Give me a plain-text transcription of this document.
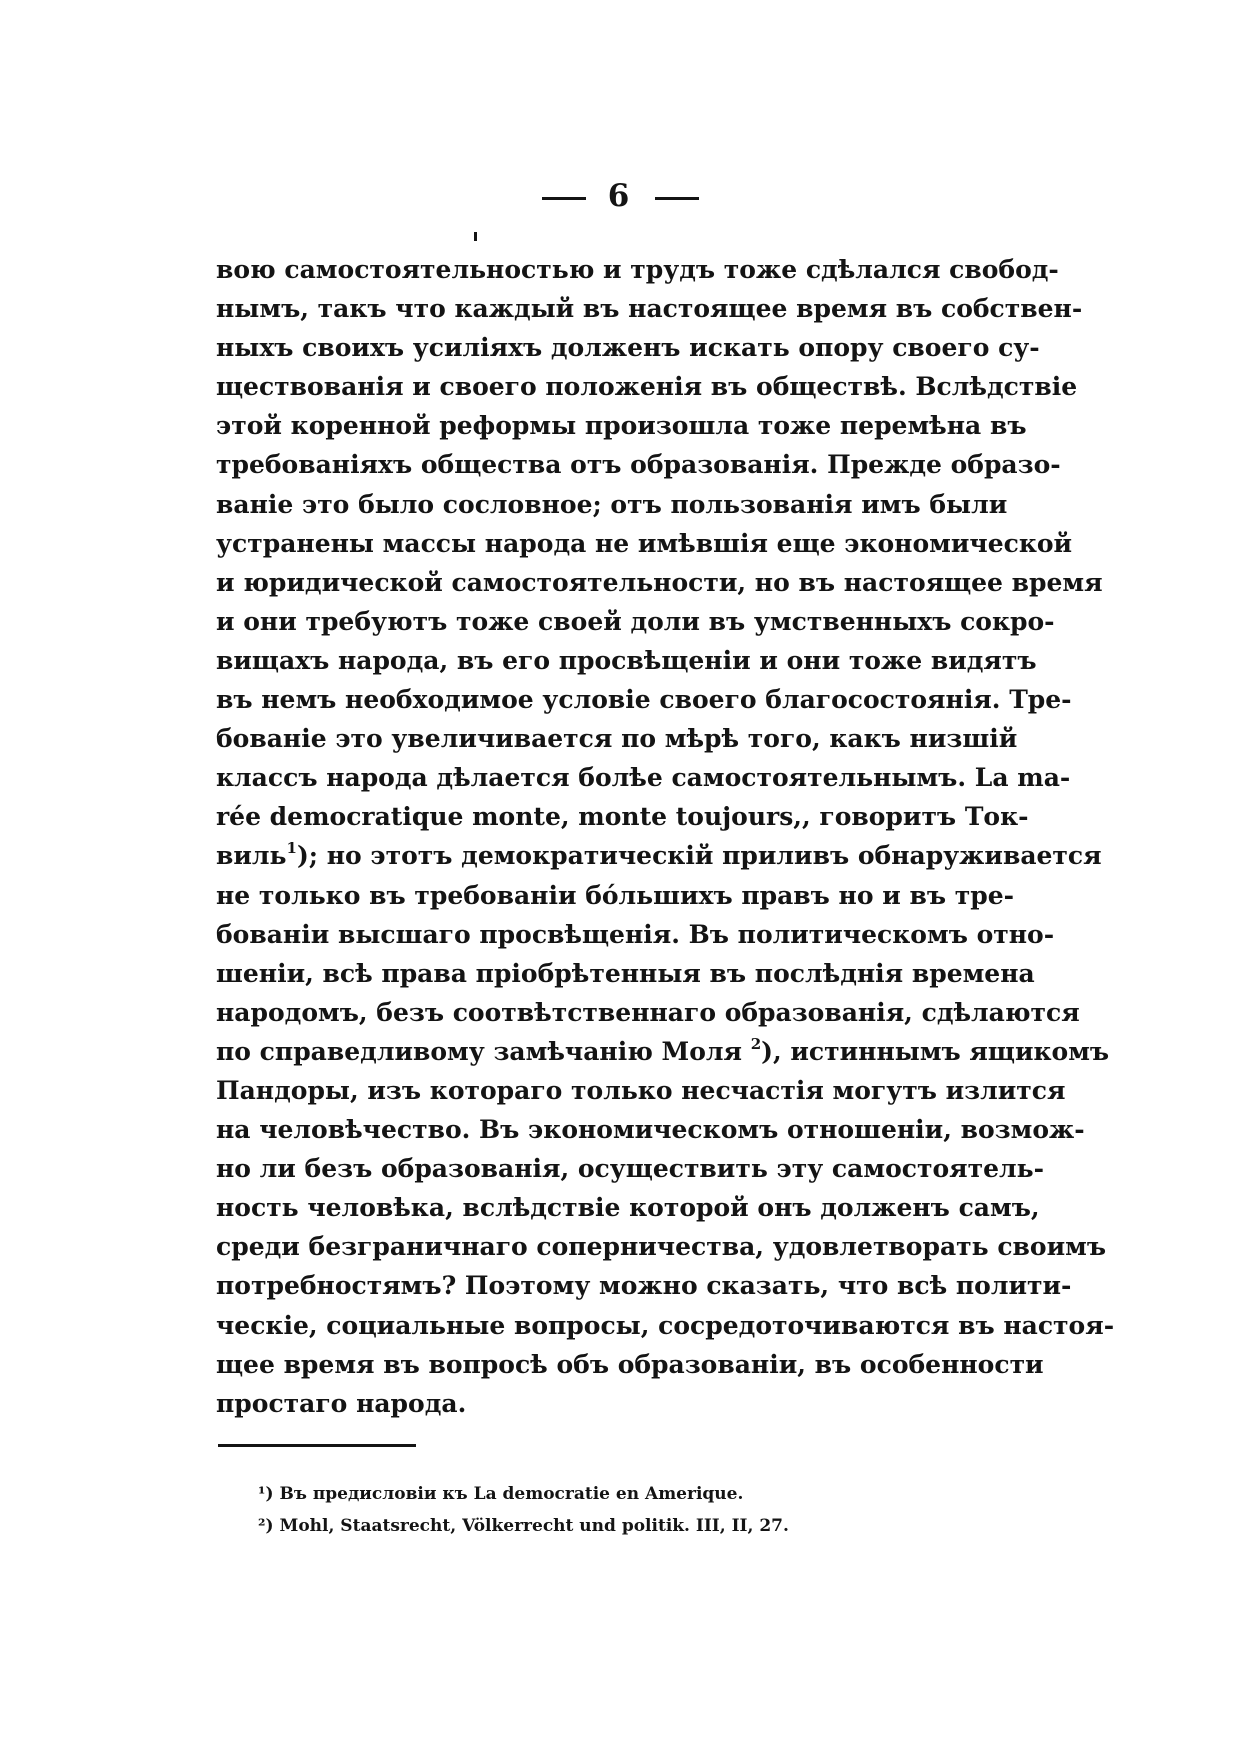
6
вою самостоятельностью и трудъ тоже сдѣлался свобод-
нымъ, такъ что каждый въ настоящее время въ собствен-
ныхъ своихъ усиліяхъ долженъ искать опору своего су-
ществованія и своего положенія въ обществѣ. Вслѣдствіе
этой коренной реформы произошла тоже перемѣна въ
требованіяхъ общества отъ образованія. Прежде образо-
ваніе это было сословное; отъ пользованія имъ были
устранены массы народа не имѣвшія еще экономической
и юридической самостоятельности, но въ настоящее время
и они требуютъ тоже своей доли въ умственныхъ сокро-
вищахъ народа, въ его просвѣщеніи и они тоже видятъ
въ немъ необходимое условіе своего благосостоянія. Тре-
бованіе это увеличивается по мѣрѣ того, какъ низшій
классъ народа дѣлается болѣе самостоятельнымъ. La ma-
rée democratique monte, monte toujours,, говоритъ Ток-
виль$^1$); но этотъ демократическій приливъ обнаруживается
не только въ требованіи бóльшихъ правъ но и въ тре-
бованіи высшаго просвѣщенія. Въ политическомъ отно-
шеніи, всѣ права пріобрѣтенныя въ послѣднія времена
народомъ, безъ соотвѣтственнаго образованія, сдѣлаются
по справедливому замѣчанію Моля $^2$), истиннымъ ящикомъ
Пандоры, изъ котораго только несчастія могутъ излится
на человѣчество. Въ экономическомъ отношеніи, возмож-
но ли безъ образованія, осуществить эту самостоятель-
ность человѣка, вслѣдствіе которой онъ долженъ самъ,
среди безграничнаго соперничества, удовлетворать своимъ
потребностямъ? Поэтому можно сказать, что всѣ полити-
ческіе, социальные вопросы, сосредоточиваются въ настоя-
щее время въ вопросѣ объ образованіи, въ особенности
простаго народа.
¹) Въ предисловіи къ La democratie en Amerique.
²) Mohl, Staatsrecht, Völkerrecht und politik. III, II, 27.
